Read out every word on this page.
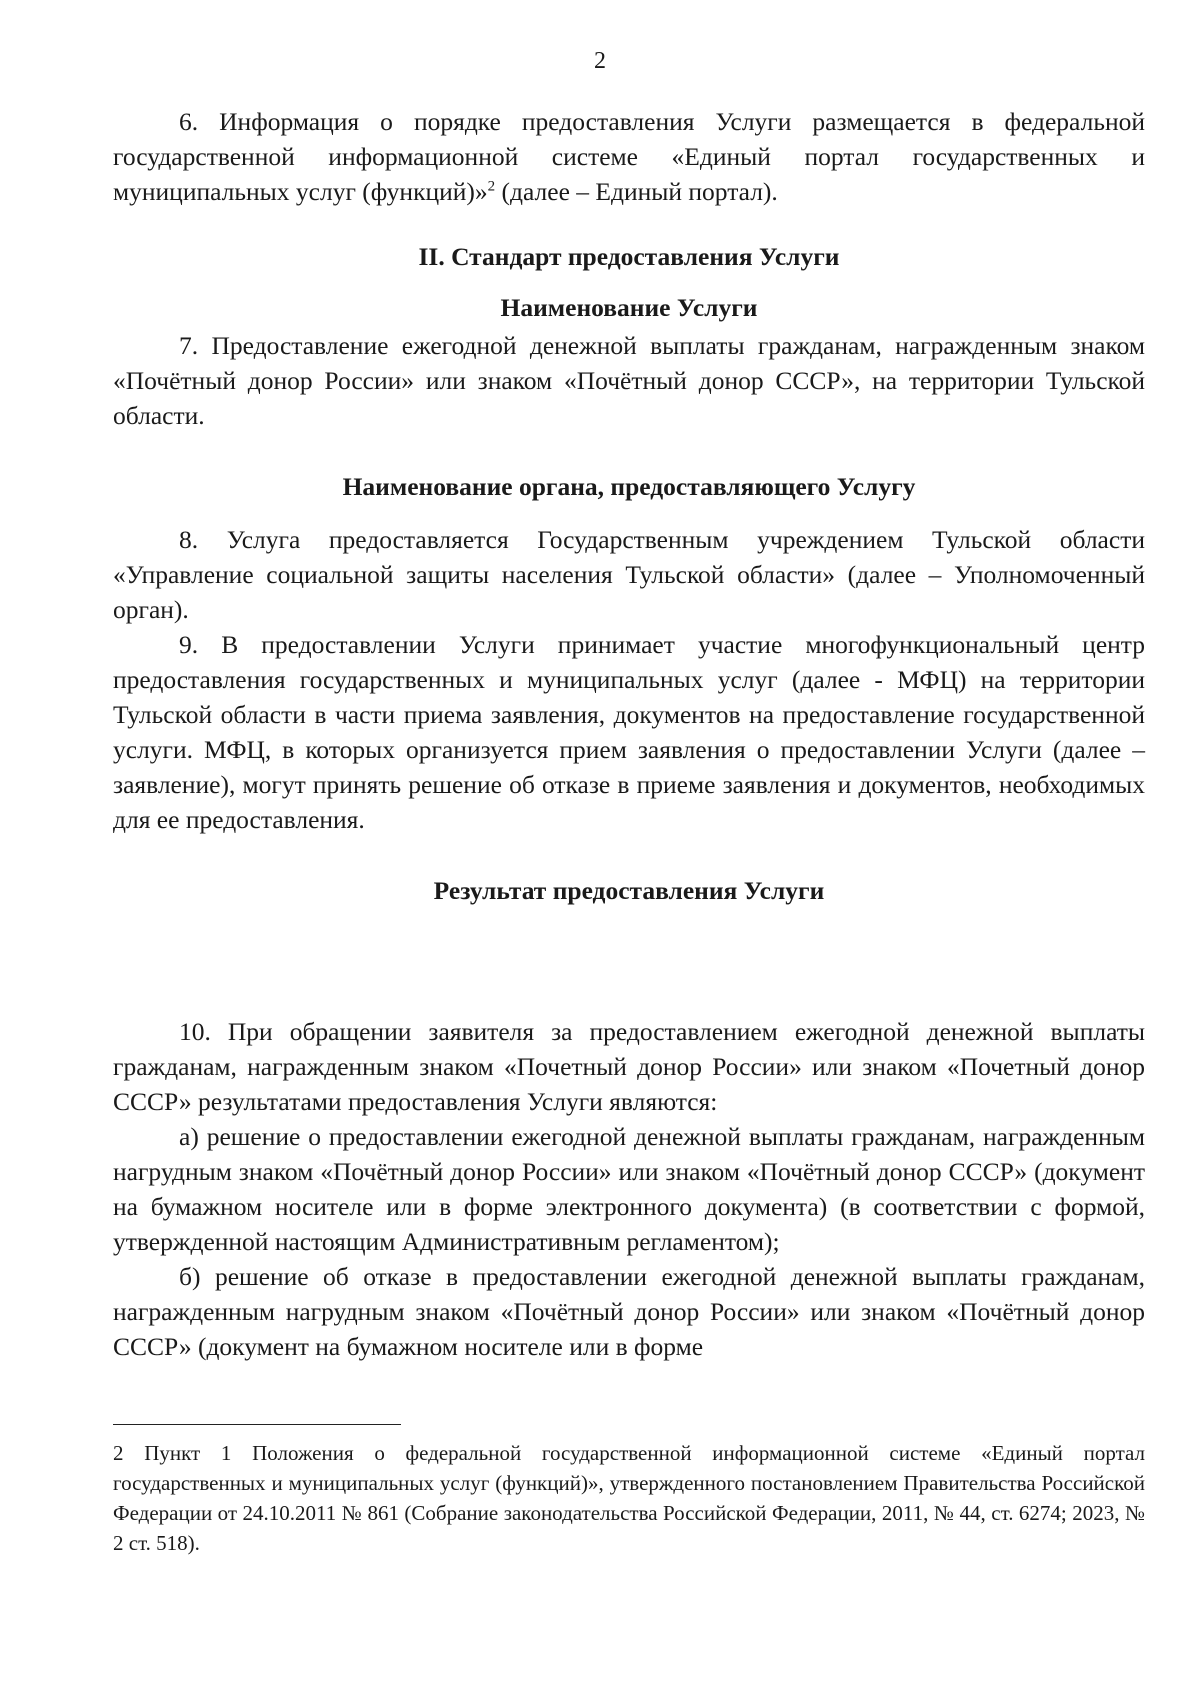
2

6. Информация о порядке предоставления Услуги размещается в федеральной государственной информационной системе «Единый портал государственных и муниципальных услуг (функций)»$^2$ (далее – Единый портал).

II. Стандарт предоставления Услуги
Наименование Услуги

7. Предоставление ежегодной денежной выплаты гражданам, награжденным знаком «Почётный донор России» или знаком «Почётный донор СССР», на территории Тульской области.

Наименование органа, предоставляющего Услугу

8. Услуга предоставляется Государственным учреждением Тульской области «Управление социальной защиты населения Тульской области» (далее – Уполномоченный орган).

9. В предоставлении Услуги принимает участие многофункциональный центр предоставления государственных и муниципальных услуг (далее - МФЦ) на территории Тульской области в части приема заявления, документов на предоставление государственной услуги. МФЦ, в которых организуется прием заявления о предоставлении Услуги (далее – заявление), могут принять решение об отказе в приеме заявления и документов, необходимых для ее предоставления.

Результат предоставления Услуги

10. При обращении заявителя за предоставлением ежегодной денежной выплаты гражданам, награжденным знаком «Почетный донор России» или знаком «Почетный донор СССР» результатами предоставления Услуги являются:

а) решение о предоставлении ежегодной денежной выплаты гражданам, награжденным нагрудным знаком «Почётный донор России» или знаком «Почётный донор СССР» (документ на бумажном носителе или в форме электронного документа) (в соответствии с формой, утвержденной настоящим Административным регламентом);

б) решение об отказе в предоставлении ежегодной денежной выплаты гражданам, награжденным нагрудным знаком «Почётный донор России» или знаком «Почётный донор СССР» (документ на бумажном носителе или в форме

2 Пункт 1 Положения о федеральной государственной информационной системе «Единый портал государственных и муниципальных услуг (функций)», утвержденного постановлением Правительства Российской Федерации от 24.10.2011 № 861 (Собрание законодательства Российской Федерации, 2011, № 44, ст. 6274; 2023, № 2 ст. 518).
